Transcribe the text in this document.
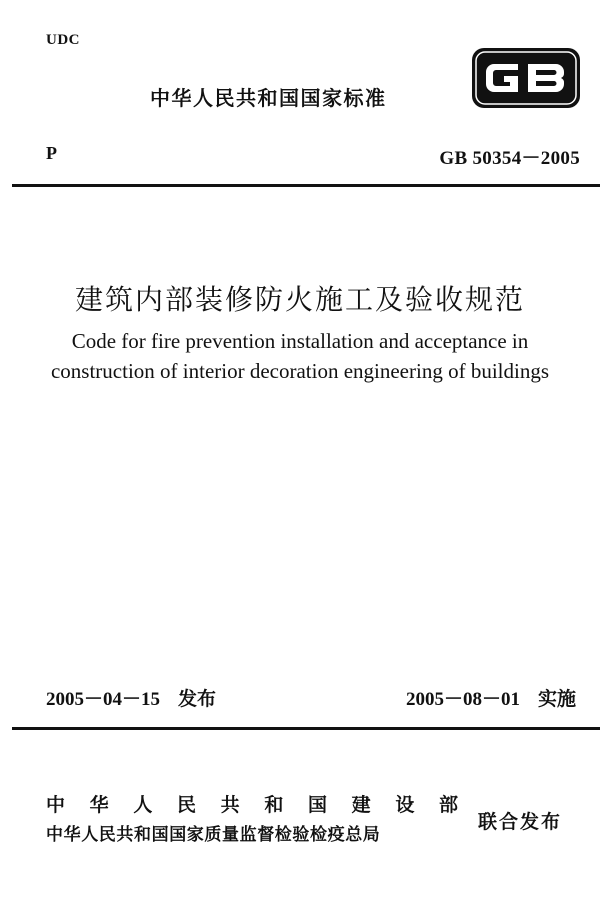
UDC
中华人民共和国国家标准
P	GB 50354－2005
建筑内部装修防火施工及验收规范
Code for fire prevention installation and acceptance in
construction of interior decoration engineering of buildings
2005－04－15 发布	2005－08－01 实施
中华人民共和国建设部
中华人民共和国国家质量监督检验检疫总局
联合发布
